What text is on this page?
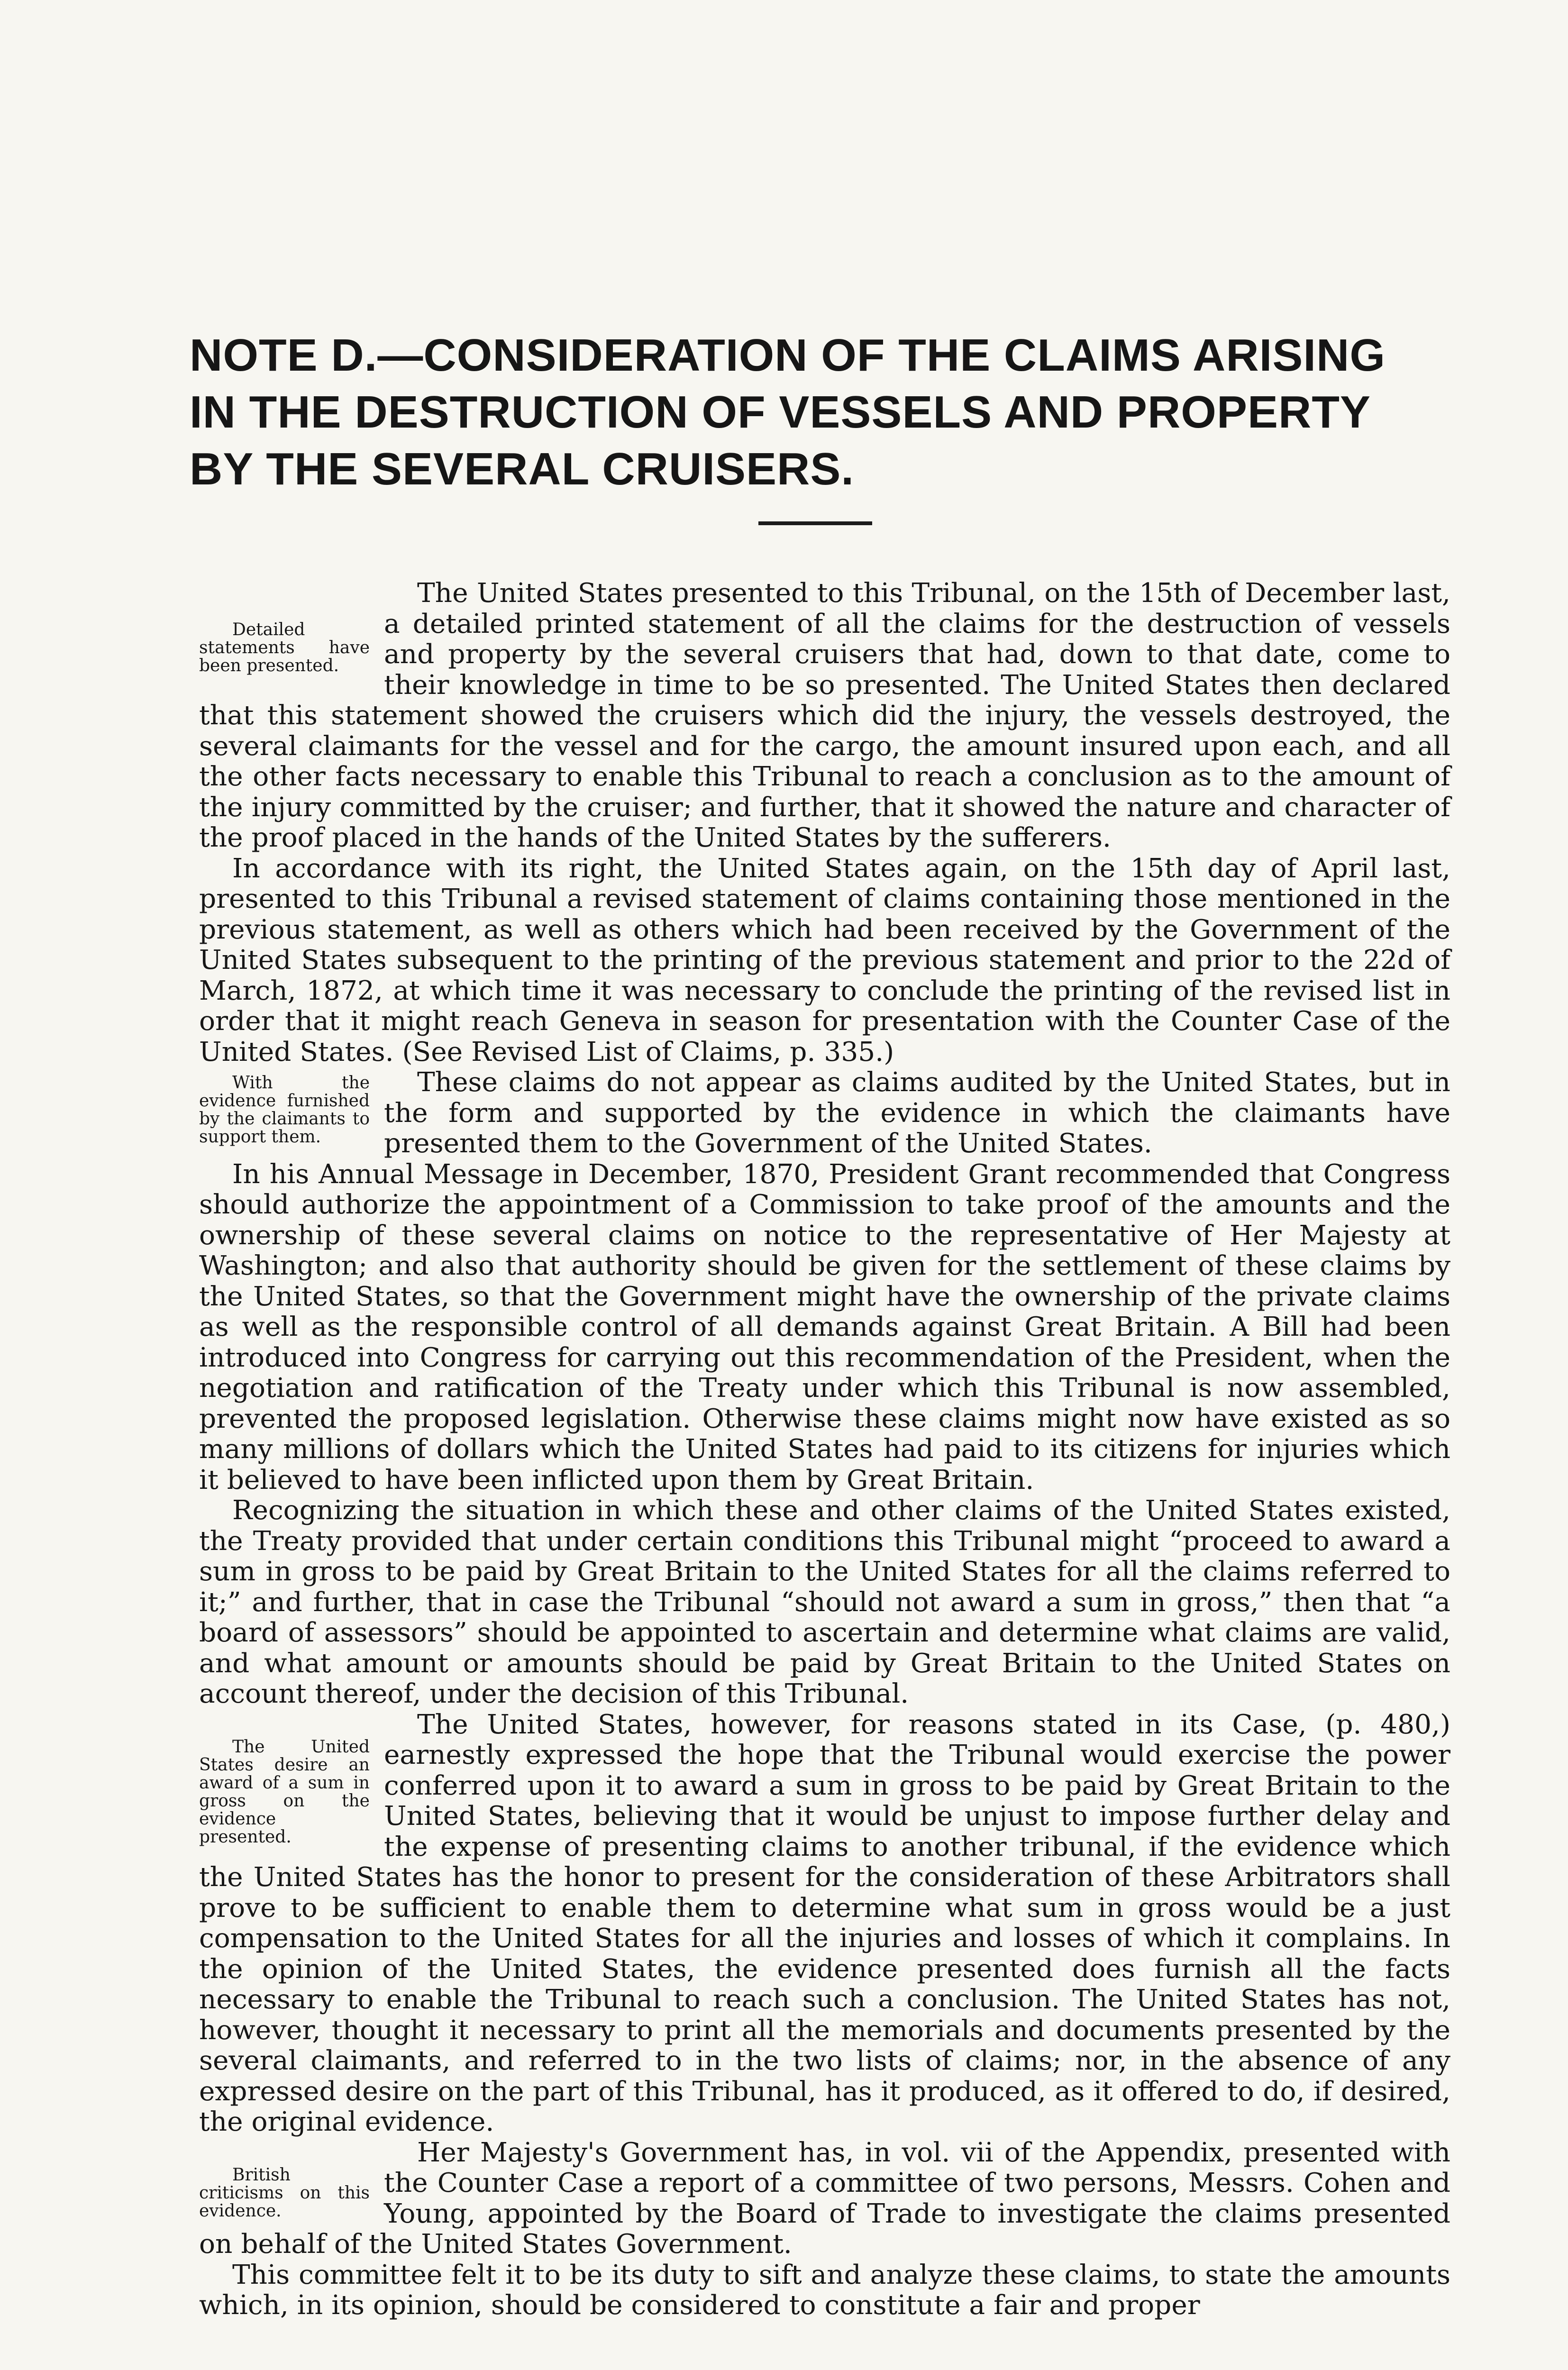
NOTE D.—CONSIDERATION OF THE CLAIMS ARISING IN THE DESTRUCTION OF VESSELS AND PROPERTY BY THE SEVERAL CRUISERS.

Detailed statements have been presented.
The United States presented to this Tribunal, on the 15th of December last, a detailed printed statement of all the claims for the destruction of vessels and property by the several cruisers that had, down to that date, come to their knowledge in time to be so presented. The United States then declared that this statement showed the cruisers which did the injury, the vessels destroyed, the several claimants for the vessel and for the cargo, the amount insured upon each, and all the other facts necessary to enable this Tribunal to reach a conclusion as to the amount of the injury committed by the cruiser; and further, that it showed the nature and character of the proof placed in the hands of the United States by the sufferers.

In accordance with its right, the United States again, on the 15th day of April last, presented to this Tribunal a revised statement of claims containing those mentioned in the previous statement, as well as others which had been received by the Government of the United States subsequent to the printing of the previous statement and prior to the 22d of March, 1872, at which time it was necessary to conclude the printing of the revised list in order that it might reach Geneva in season for presentation with the Counter Case of the United States. (See Revised List of Claims, p. 335.)

With the evidence furnished by the claimants to support them.
These claims do not appear as claims audited by the United States, but in the form and supported by the evidence in which the claimants have presented them to the Government of the United States.

In his Annual Message in December, 1870, President Grant recommended that Congress should authorize the appointment of a Commission to take proof of the amounts and the ownership of these several claims on notice to the representative of Her Majesty at Washington; and also that authority should be given for the settlement of these claims by the United States, so that the Government might have the ownership of the private claims as well as the responsible control of all demands against Great Britain. A Bill had been introduced into Congress for carrying out this recommendation of the President, when the negotiation and ratification of the Treaty under which this Tribunal is now assembled, prevented the proposed legislation. Otherwise these claims might now have existed as so many millions of dollars which the United States had paid to its citizens for injuries which it believed to have been inflicted upon them by Great Britain.

Recognizing the situation in which these and other claims of the United States existed, the Treaty provided that under certain conditions this Tribunal might “proceed to award a sum in gross to be paid by Great Britain to the United States for all the claims referred to it;” and further, that in case the Tribunal “should not award a sum in gross,” then that “a board of assessors” should be appointed to ascertain and determine what claims are valid, and what amount or amounts should be paid by Great Britain to the United States on account thereof, under the decision of this Tribunal.

The United States desire an award of a sum in gross on the evidence presented.
The United States, however, for reasons stated in its Case, (p. 480,) earnestly expressed the hope that the Tribunal would exercise the power conferred upon it to award a sum in gross to be paid by Great Britain to the United States, believing that it would be unjust to impose further delay and the expense of presenting claims to another tribunal, if the evidence which the United States has the honor to present for the consideration of these Arbitrators shall prove to be sufficient to enable them to determine what sum in gross would be a just compensation to the United States for all the injuries and losses of which it complains. In the opinion of the United States, the evidence presented does furnish all the facts necessary to enable the Tribunal to reach such a conclusion. The United States has not, however, thought it necessary to print all the memorials and documents presented by the several claimants, and referred to in the two lists of claims; nor, in the absence of any expressed desire on the part of this Tribunal, has it produced, as it offered to do, if desired, the original evidence.

British criticisms on this evidence.
Her Majesty's Government has, in vol. vii of the Appendix, presented with the Counter Case a report of a committee of two persons, Messrs. Cohen and Young, appointed by the Board of Trade to investigate the claims presented on behalf of the United States Government.

This committee felt it to be its duty to sift and analyze these claims, to state the amounts which, in its opinion, should be considered to constitute a fair and proper
